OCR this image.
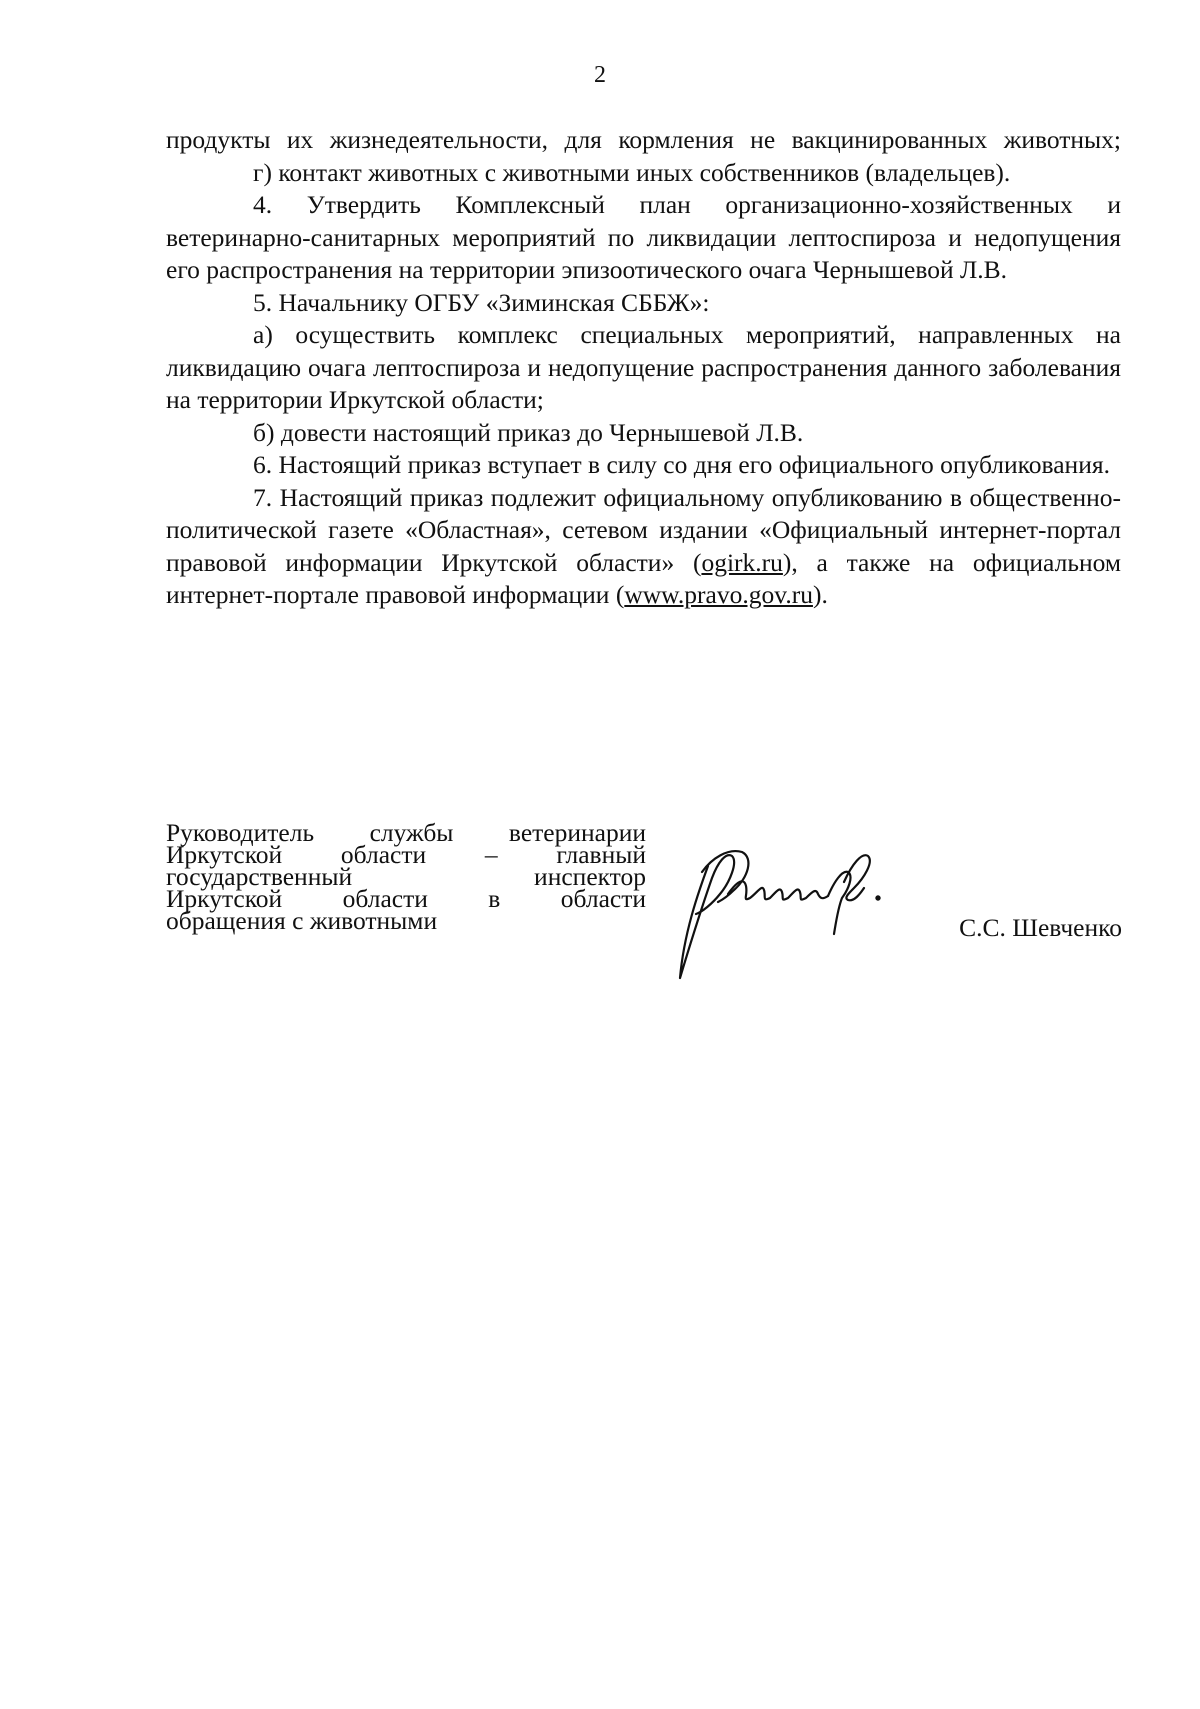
2

продукты их жизнедеятельности, для кормления не вакцинированных животных;

г) контакт животных с животными иных собственников (владельцев).

4. Утвердить Комплексный план организационно-хозяйственных и ветеринарно-санитарных мероприятий по ликвидации лептоспироза и недопущения его распространения на территории эпизоотического очага Чернышевой Л.В.

5. Начальнику ОГБУ «Зиминская СББЖ»:

а) осуществить комплекс специальных мероприятий, направленных на ликвидацию очага лептоспироза и недопущение распространения данного заболевания на территории Иркутской области;

б) довести настоящий приказ до Чернышевой Л.В.

6. Настоящий приказ вступает в силу со дня его официального опубликования.

7. Настоящий приказ подлежит официальному опубликованию в общественно-политической газете «Областная», сетевом издании «Официальный интернет-портал правовой информации Иркутской области» (ogirk.ru), а также на официальном интернет-портале правовой информации (www.pravo.gov.ru).

Руководитель службы ветеринарии
Иркутской области – главный
государственный инспектор
Иркутской области в области
обращения с животными	С.С. Шевченко
